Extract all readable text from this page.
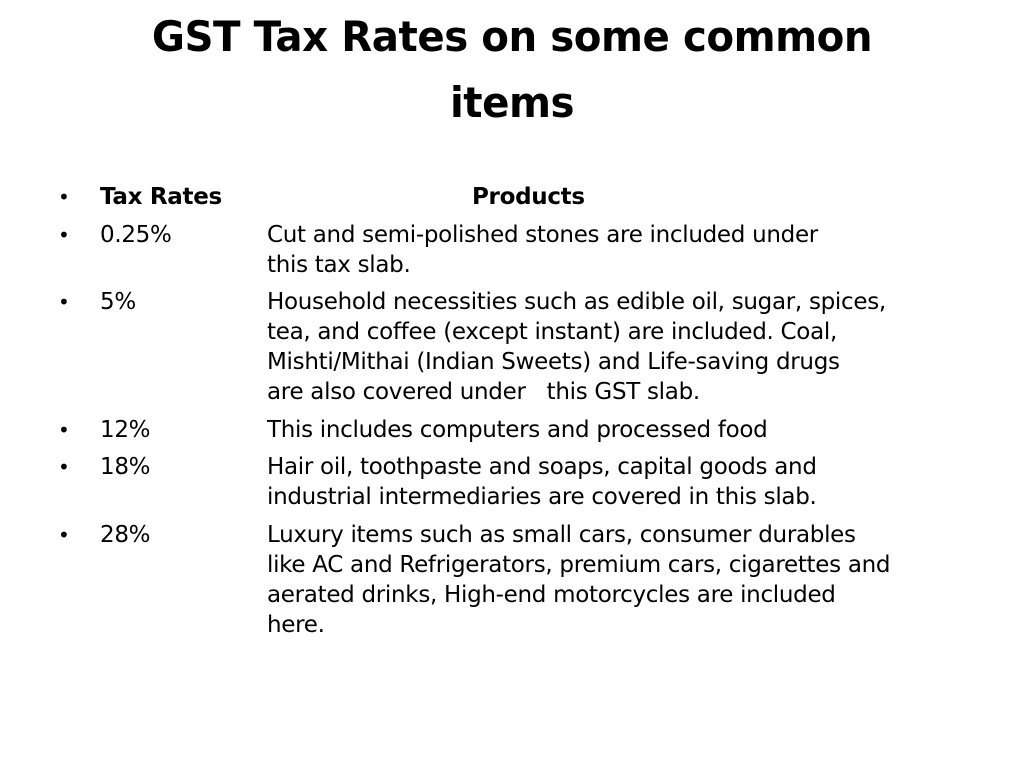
GST Tax Rates on some common
items
•	Tax Rates	Products
•	0.25%	Cut and semi-polished stones are included under
this tax slab.
•	5%	Household necessities such as edible oil, sugar, spices,
tea, and coffee (except instant) are included. Coal,
Mishti/Mithai (Indian Sweets) and Life-saving drugs
are also covered under   this GST slab.
•	12%	This includes computers and processed food
•	18%	Hair oil, toothpaste and soaps, capital goods and
industrial intermediaries are covered in this slab.
•	28%	Luxury items such as small cars, consumer durables
like AC and Refrigerators, premium cars, cigarettes and
aerated drinks, High-end motorcycles are included
here.
